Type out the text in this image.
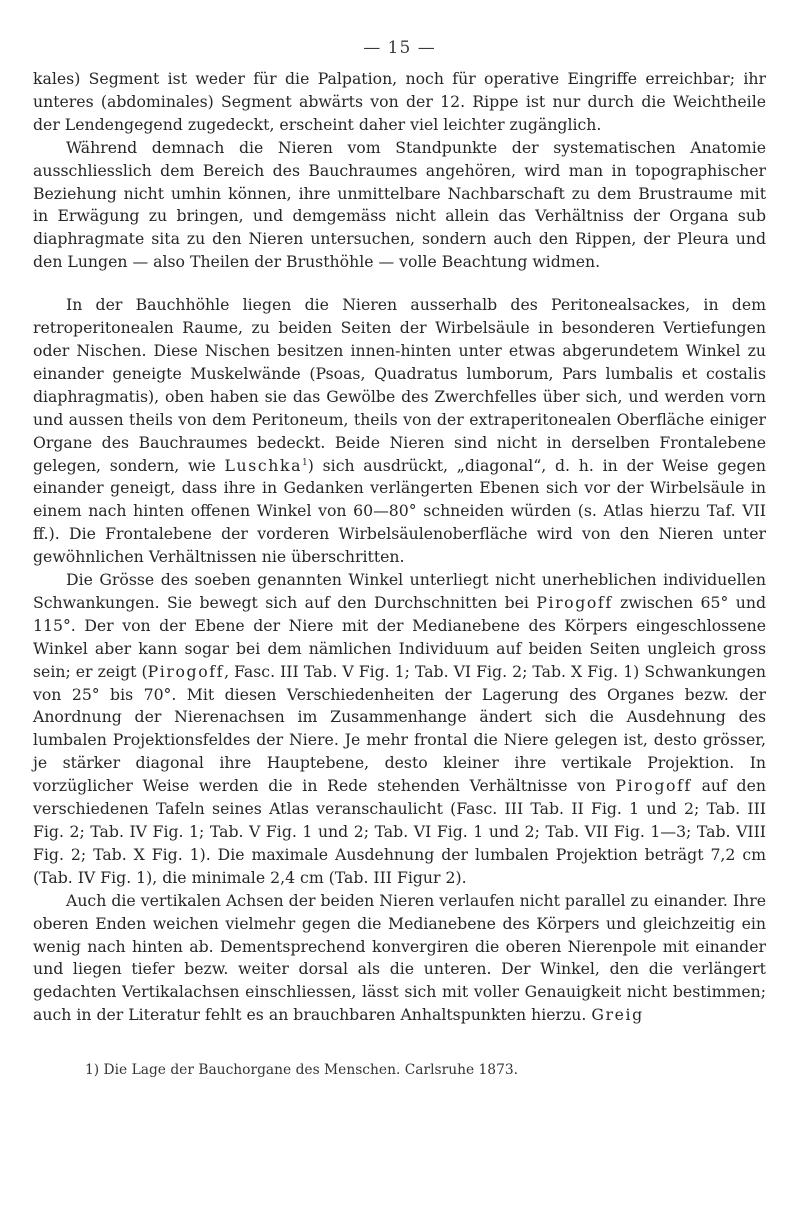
— 15 —

kales) Segment ist weder für die Palpation, noch für operative Eingriffe erreichbar; ihr unteres (abdominales) Segment abwärts von der 12. Rippe ist nur durch die Weichtheile der Lendengegend zugedeckt, erscheint daher viel leichter zugänglich.

Während demnach die Nieren vom Standpunkte der systematischen Anatomie ausschliesslich dem Bereich des Bauchraumes angehören, wird man in topographischer Beziehung nicht umhin können, ihre unmittelbare Nachbarschaft zu dem Brustraume mit in Erwägung zu bringen, und demgemäss nicht allein das Verhältniss der Organa sub diaphragmate sita zu den Nieren untersuchen, sondern auch den Rippen, der Pleura und den Lungen — also Theilen der Brusthöhle — volle Beachtung widmen.

In der Bauchhöhle liegen die Nieren ausserhalb des Peritonealsackes, in dem retroperitonealen Raume, zu beiden Seiten der Wirbelsäule in besonderen Vertiefungen oder Nischen. Diese Nischen besitzen innen-hinten unter etwas abgerundetem Winkel zu einander geneigte Muskelwände (Psoas, Quadratus lumborum, Pars lumbalis et costalis diaphragmatis), oben haben sie das Gewölbe des Zwerchfelles über sich, und werden vorn und aussen theils von dem Peritoneum, theils von der extraperitonealen Oberfläche einiger Organe des Bauchraumes bedeckt. Beide Nieren sind nicht in derselben Frontalebene gelegen, sondern, wie Luschka$^1$) sich ausdrückt, „diagonal“, d. h. in der Weise gegen einander geneigt, dass ihre in Gedanken verlängerten Ebenen sich vor der Wirbelsäule in einem nach hinten offenen Winkel von 60—80° schneiden würden (s. Atlas hierzu Taf. VII ff.). Die Frontalebene der vorderen Wirbelsäulenoberfläche wird von den Nieren unter gewöhnlichen Verhältnissen nie überschritten.

Die Grösse des soeben genannten Winkel unterliegt nicht unerheblichen individuellen Schwankungen. Sie bewegt sich auf den Durchschnitten bei Pirogoff zwischen 65° und 115°. Der von der Ebene der Niere mit der Medianebene des Körpers eingeschlossene Winkel aber kann sogar bei dem nämlichen Individuum auf beiden Seiten ungleich gross sein; er zeigt (Pirogoff, Fasc. III Tab. V Fig. 1; Tab. VI Fig. 2; Tab. X Fig. 1) Schwankungen von 25° bis 70°. Mit diesen Verschiedenheiten der Lagerung des Organes bezw. der Anordnung der Nierenachsen im Zusammenhange ändert sich die Ausdehnung des lumbalen Projektionsfeldes der Niere. Je mehr frontal die Niere gelegen ist, desto grösser, je stärker diagonal ihre Hauptebene, desto kleiner ihre vertikale Projektion. In vorzüglicher Weise werden die in Rede stehenden Verhältnisse von Pirogoff auf den verschiedenen Tafeln seines Atlas veranschaulicht (Fasc. III Tab. II Fig. 1 und 2; Tab. III Fig. 2; Tab. IV Fig. 1; Tab. V Fig. 1 und 2; Tab. VI Fig. 1 und 2; Tab. VII Fig. 1—3; Tab. VIII Fig. 2; Tab. X Fig. 1). Die maximale Ausdehnung der lumbalen Projektion beträgt 7,2 cm (Tab. IV Fig. 1), die minimale 2,4 cm (Tab. III Figur 2).

Auch die vertikalen Achsen der beiden Nieren verlaufen nicht parallel zu einander. Ihre oberen Enden weichen vielmehr gegen die Medianebene des Körpers und gleichzeitig ein wenig nach hinten ab. Dementsprechend konvergiren die oberen Nierenpole mit einander und liegen tiefer bezw. weiter dorsal als die unteren. Der Winkel, den die verlängert gedachten Vertikalachsen einschliessen, lässt sich mit voller Genauigkeit nicht bestimmen; auch in der Literatur fehlt es an brauchbaren Anhaltspunkten hierzu. Greig

1) Die Lage der Bauchorgane des Menschen. Carlsruhe 1873.
